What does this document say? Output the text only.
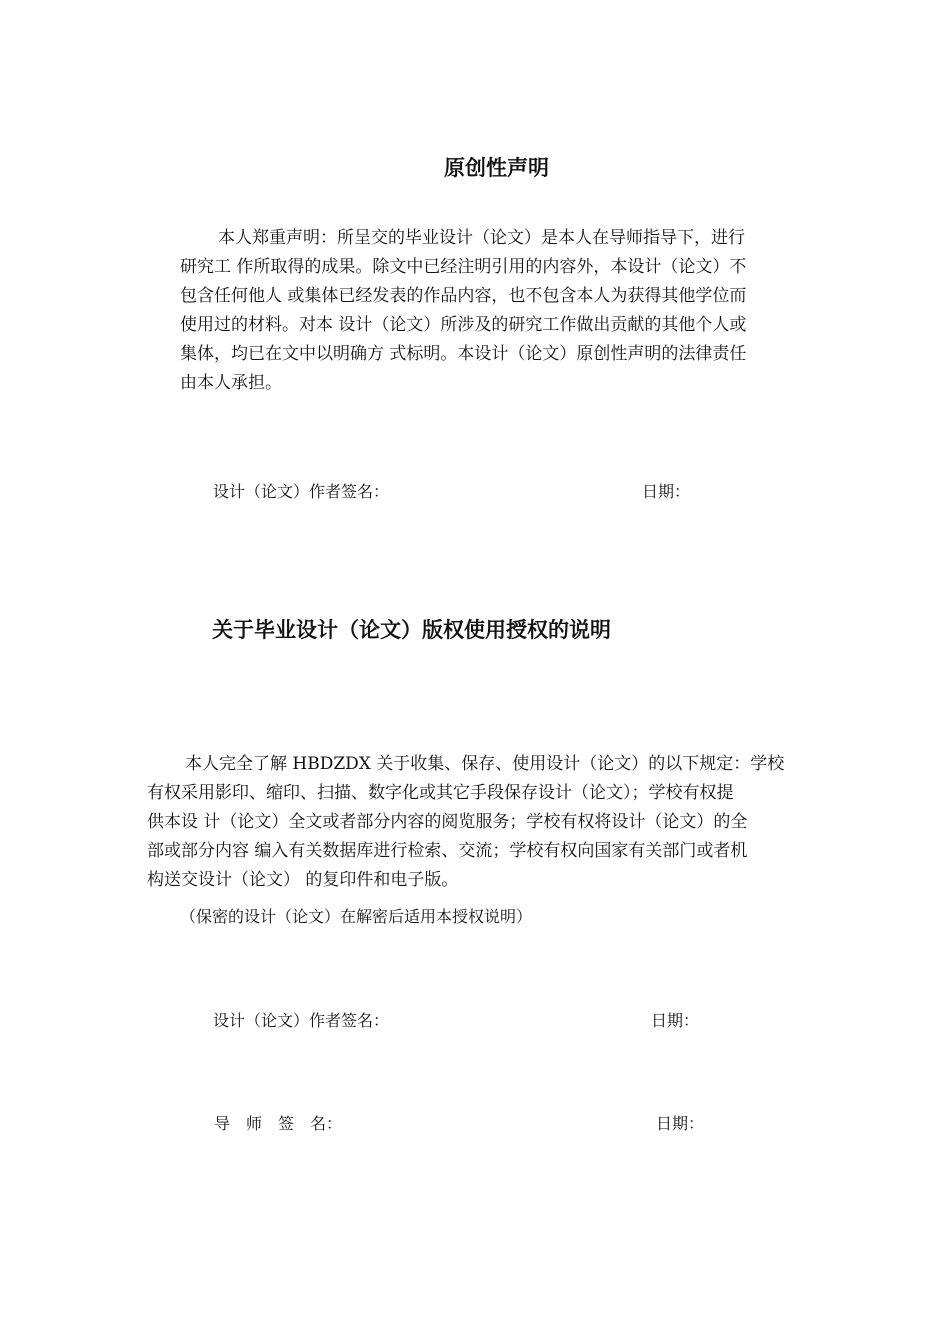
原创性声明
本人郑重声明：所呈交的毕业设计（论文）是本人在导师指导下，进行
研究工 作所取得的成果。除文中已经注明引用的内容外，本设计（论文）不
包含任何他人 或集体已经发表的作品内容，也不包含本人为获得其他学位而
使用过的材料。对本 设计（论文）所涉及的研究工作做出贡献的其他个人或
集体，均已在文中以明确方 式标明。本设计（论文）原创性声明的法律责任
由本人承担。
设计（论文）作者签名：	日期：
关于毕业设计（论文）版权使用授权的说明
本人完全了解 HBDZDX 关于收集、保存、使用设计（论文）的以下规定：学校
有权采用影印、缩印、扫描、数字化或其它手段保存设计（论文）；学校有权提
供本设 计（论文）全文或者部分内容的阅览服务；学校有权将设计（论文）的全
部或部分内容 编入有关数据库进行检索、交流；学校有权向国家有关部门或者机
构送交设计（论文） 的复印件和电子版。
（保密的设计（论文）在解密后适用本授权说明）
设计（论文）作者签名：	日期：
导　师　签　名：	日期：
